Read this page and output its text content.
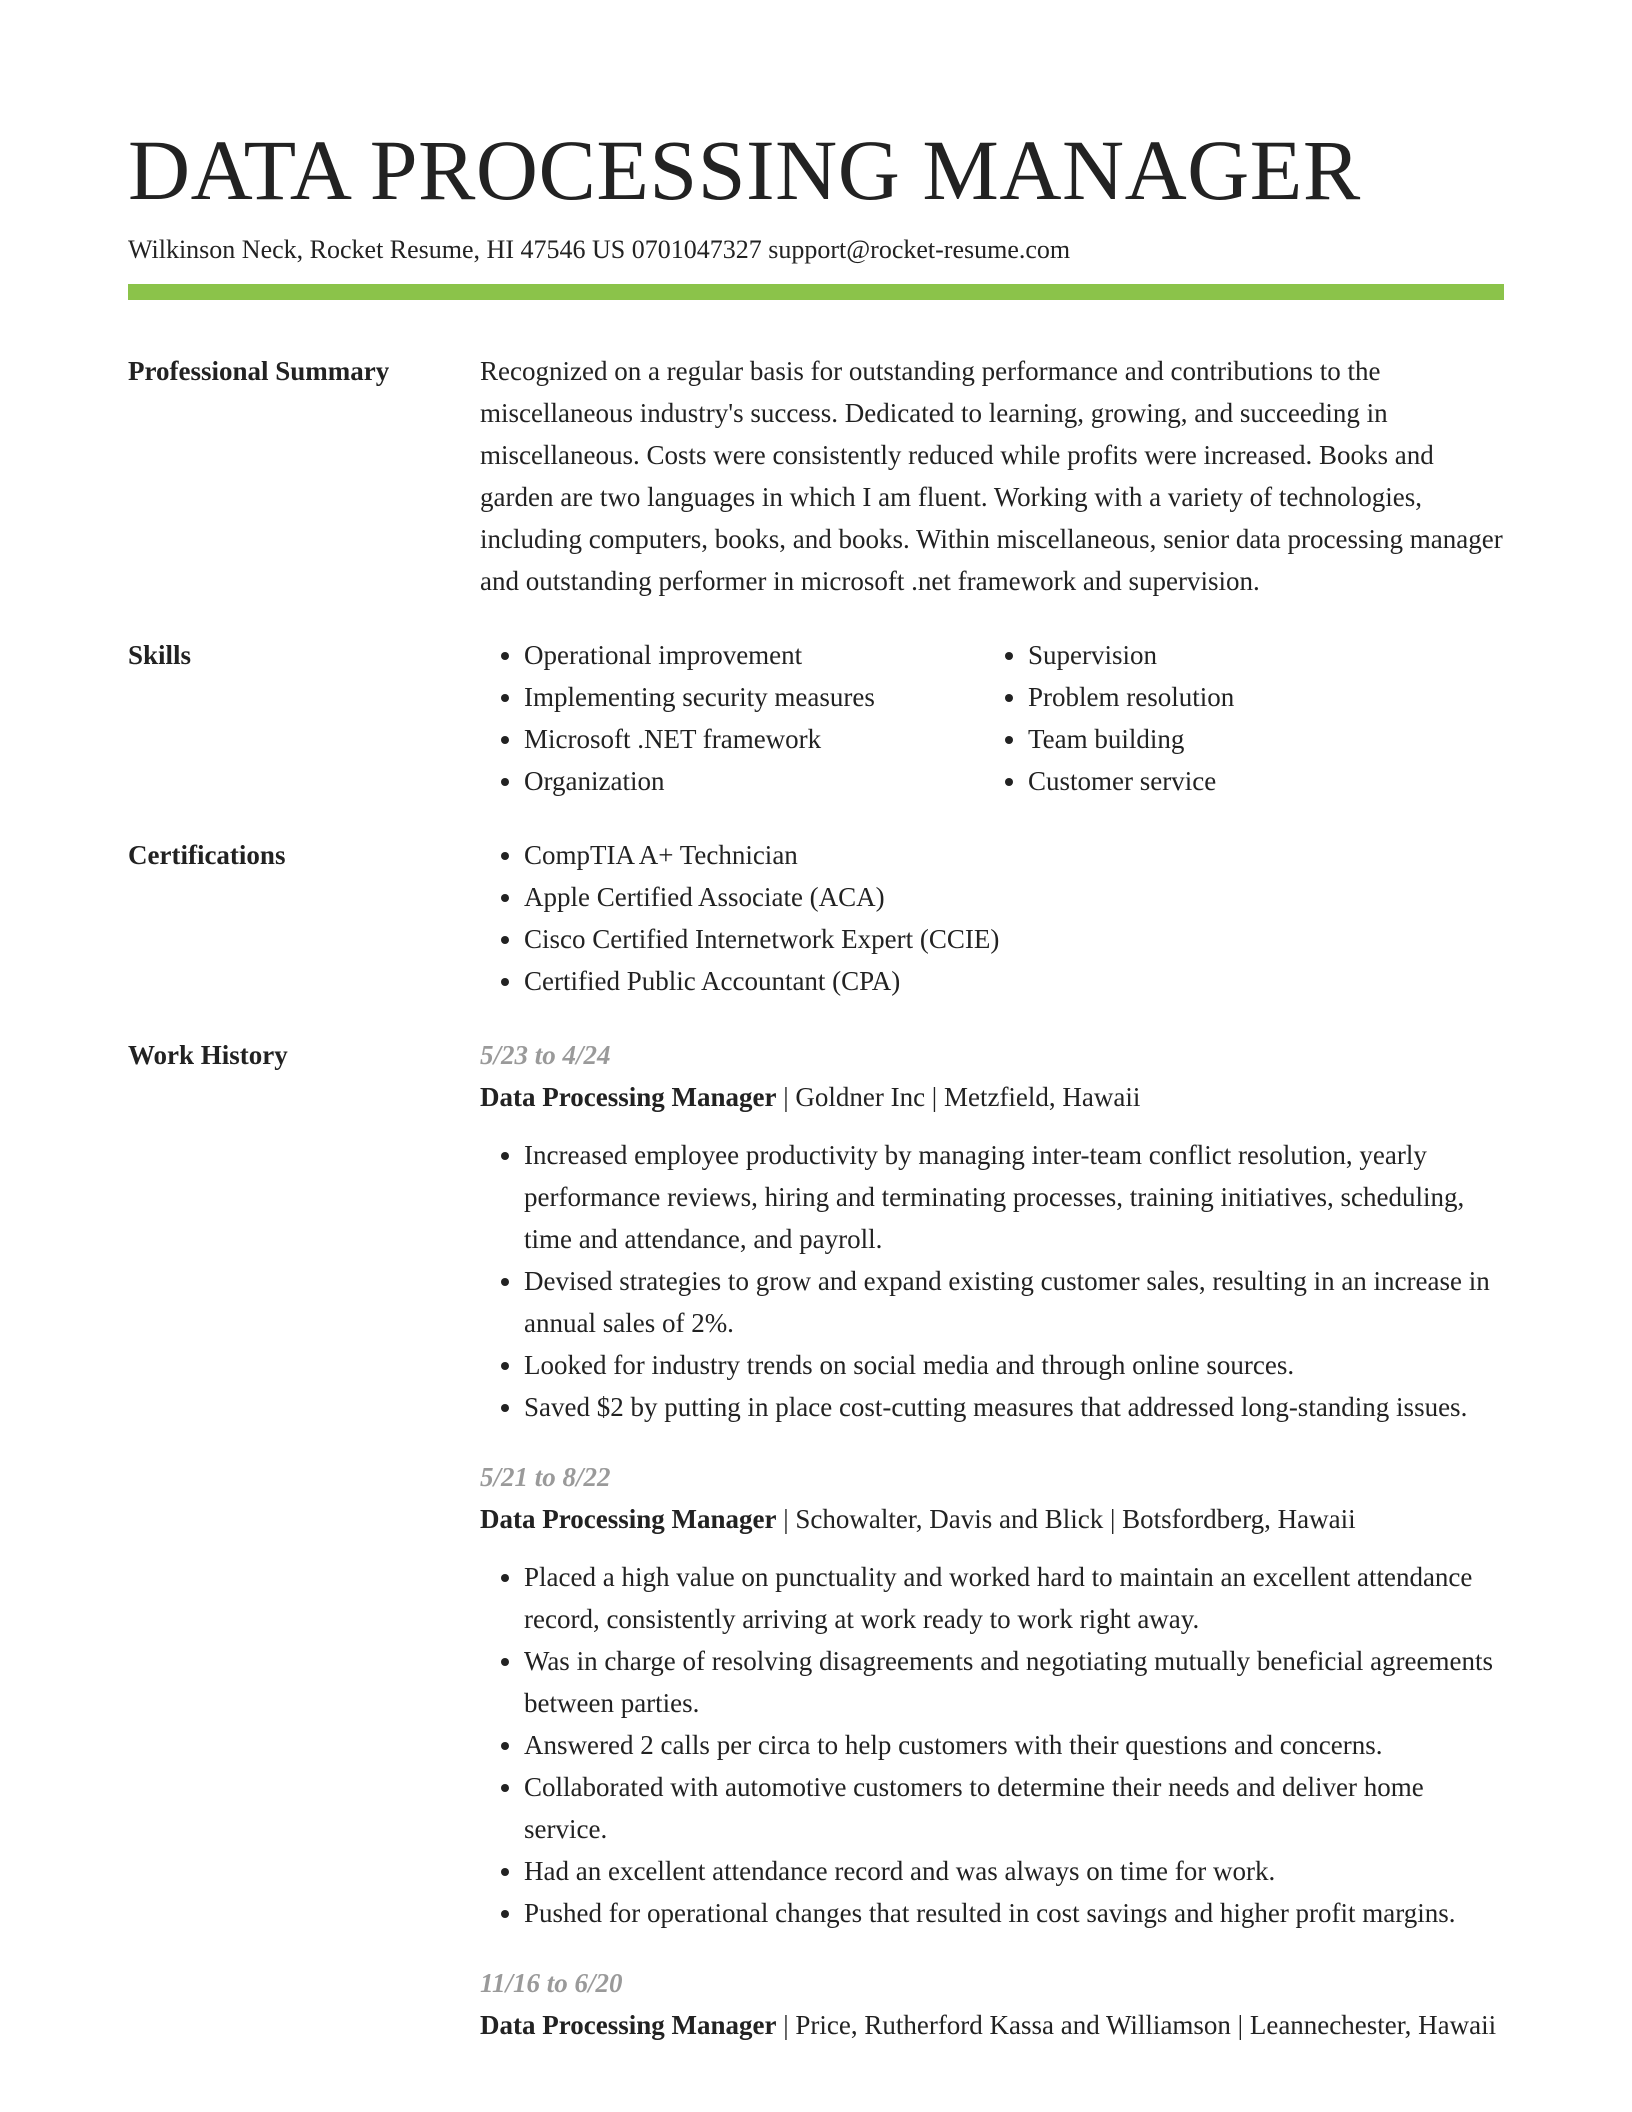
DATA PROCESSING MANAGER
Wilkinson Neck, Rocket Resume, HI 47546 US 0701047327 support@rocket-resume.com
Professional Summary	Recognized on a regular basis for outstanding performance and contributions to the miscellaneous industry's success. Dedicated to learning, growing, and succeeding in miscellaneous. Costs were consistently reduced while profits were increased. Books and garden are two languages in which I am fluent. Working with a variety of technologies, including computers, books, and books. Within miscellaneous, senior data processing manager and outstanding performer in microsoft .net framework and supervision.

Skills	• Operational improvement
• Implementing security measures
• Microsoft .NET framework
• Organization
• Supervision
• Problem resolution
• Team building
• Customer service
Certifications	• CompTIA A+ Technician
• Apple Certified Associate (ACA)
• Cisco Certified Internetwork Expert (CCIE)
• Certified Public Accountant (CPA)
Work History	5/23 to 4/24
Data Processing Manager | Goldner Inc | Metzfield, Hawaii
• Increased employee productivity by managing inter-team conflict resolution, yearly performance reviews, hiring and terminating processes, training initiatives, scheduling, time and attendance, and payroll.
• Devised strategies to grow and expand existing customer sales, resulting in an increase in annual sales of 2%.
• Looked for industry trends on social media and through online sources.
• Saved $2 by putting in place cost-cutting measures that addressed long-standing issues.
5/21 to 8/22
Data Processing Manager | Schowalter, Davis and Blick | Botsfordberg, Hawaii
• Placed a high value on punctuality and worked hard to maintain an excellent attendance record, consistently arriving at work ready to work right away.
• Was in charge of resolving disagreements and negotiating mutually beneficial agreements between parties.
• Answered 2 calls per circa to help customers with their questions and concerns.
• Collaborated with automotive customers to determine their needs and deliver home service.
• Had an excellent attendance record and was always on time for work.
• Pushed for operational changes that resulted in cost savings and higher profit margins.
11/16 to 6/20
Data Processing Manager | Price, Rutherford Kassa and Williamson | Leannechester, Hawaii
